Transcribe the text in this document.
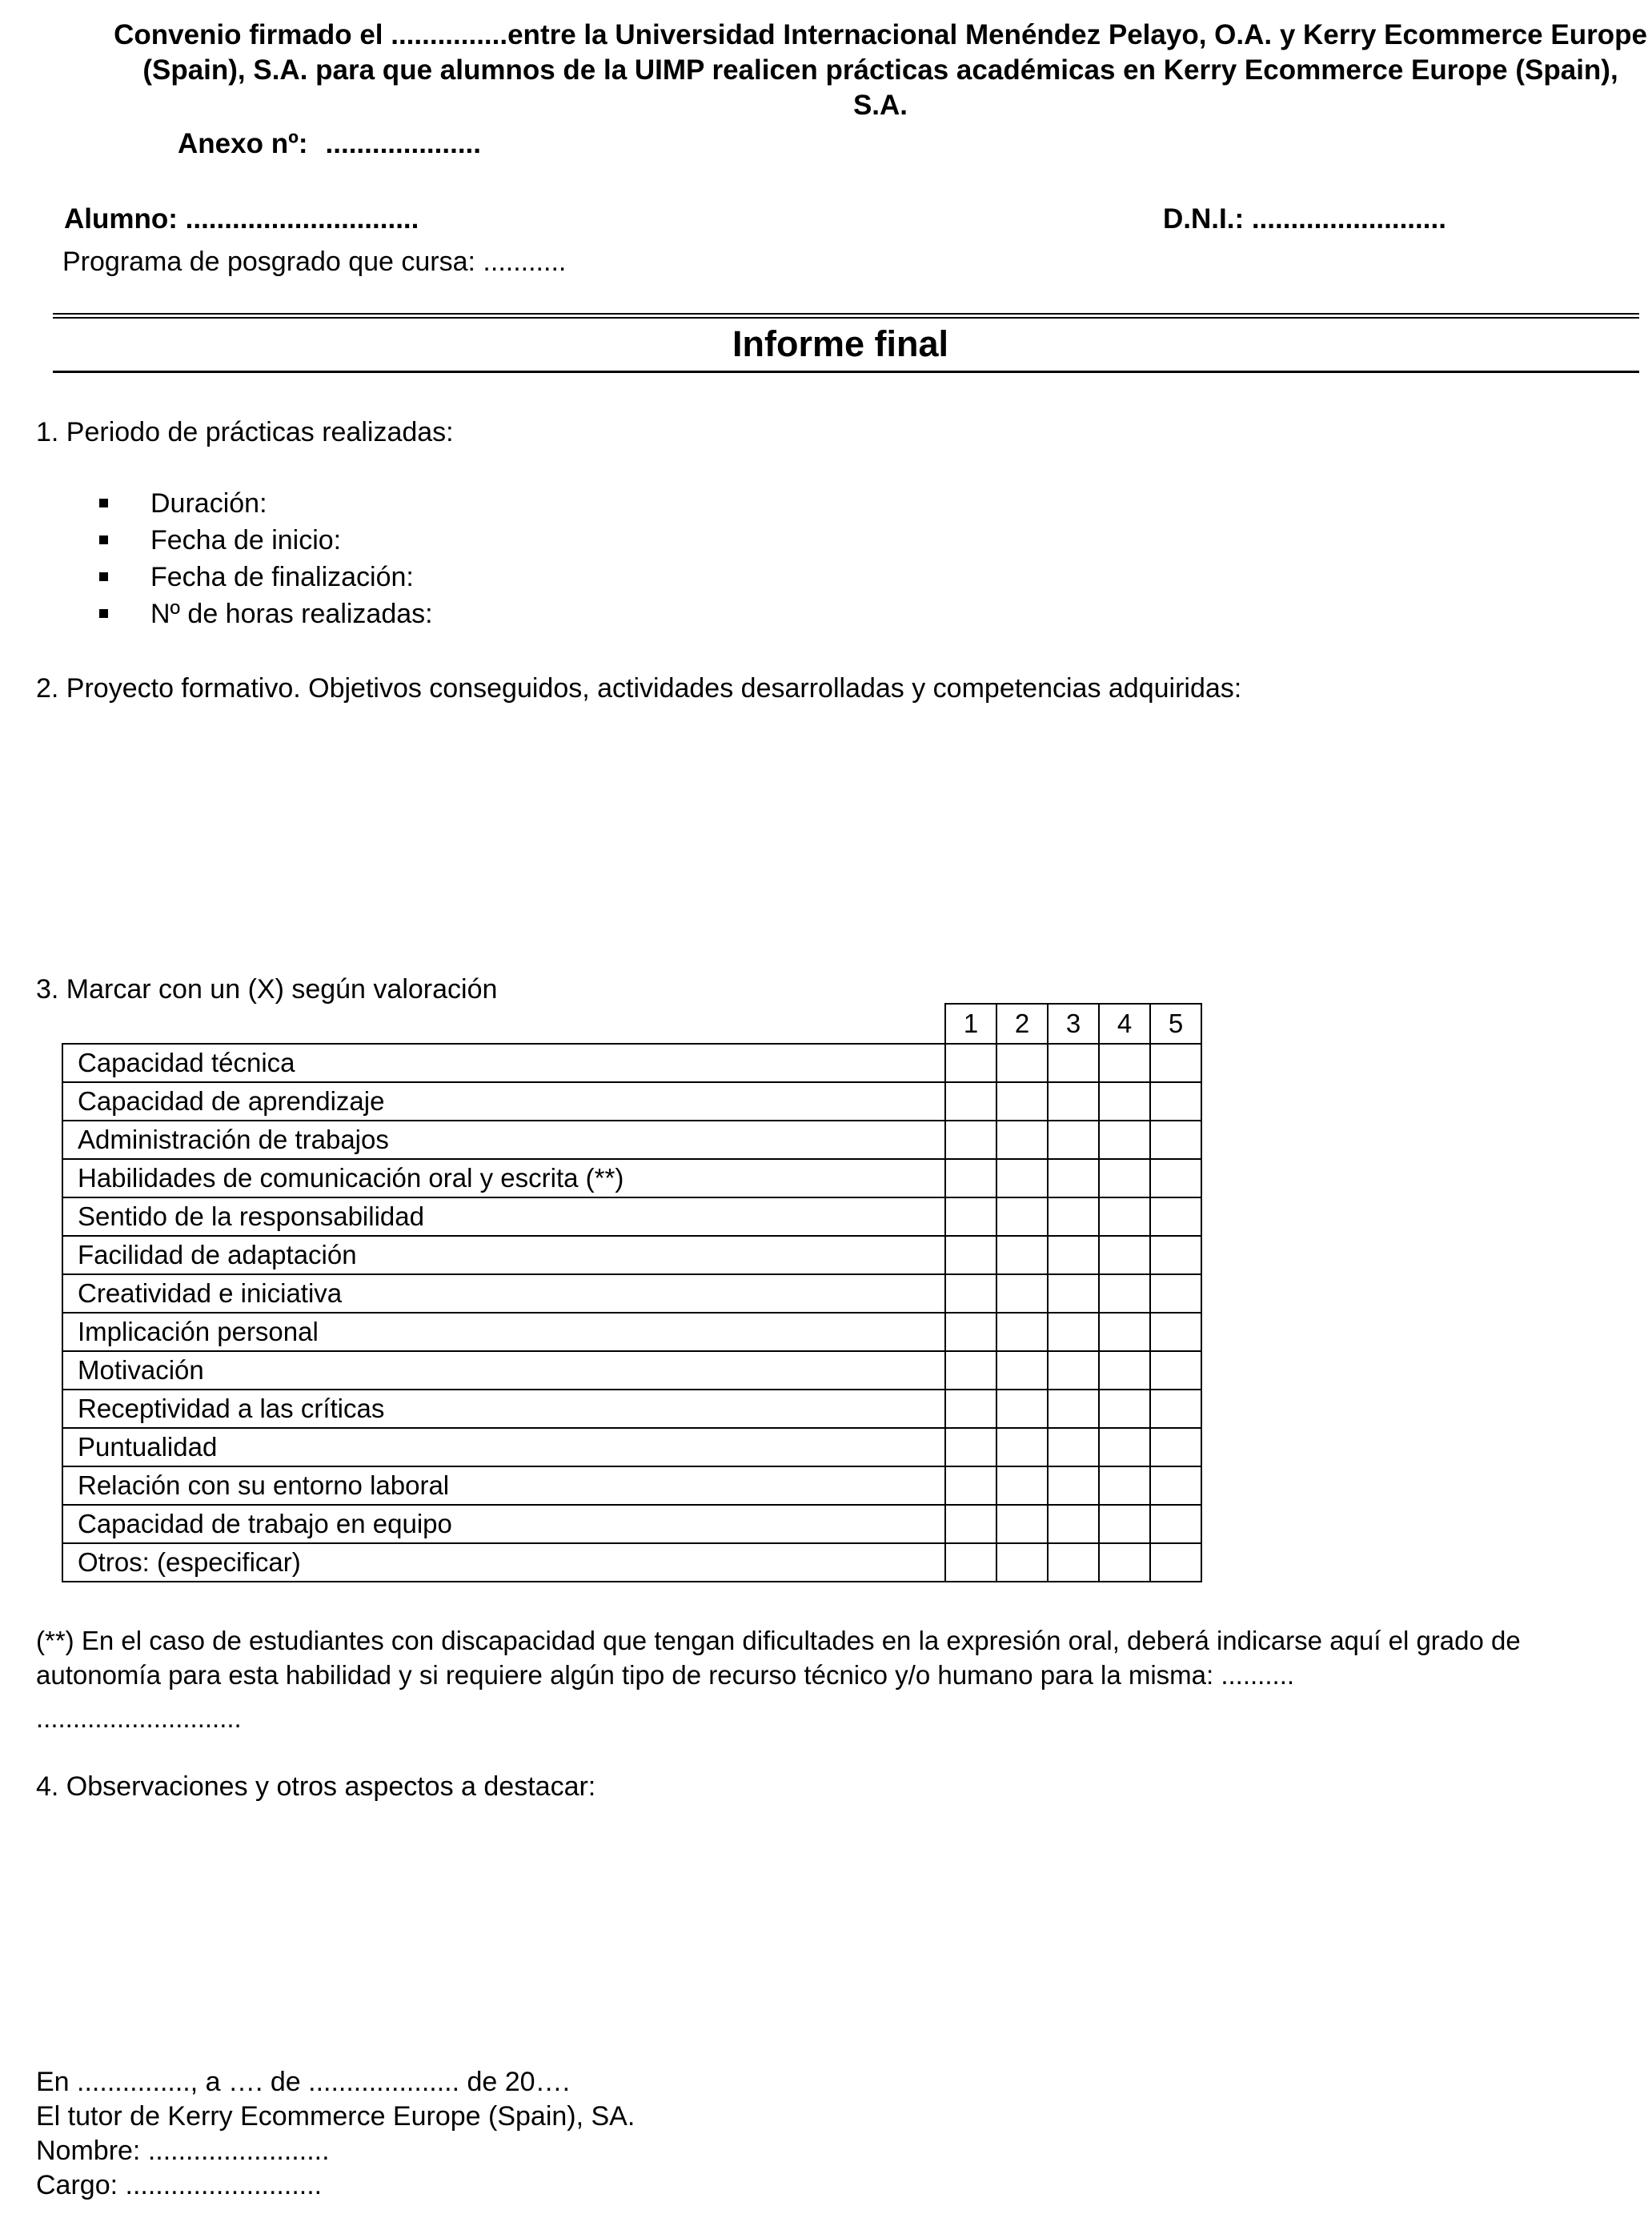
Convenio firmado el ...............entre la Universidad Internacional Menéndez Pelayo, O.A. y Kerry Ecommerce Europe
(Spain), S.A. para que alumnos de la UIMP realicen prácticas académicas en Kerry Ecommerce Europe (Spain), S.A.
Anexo nº: ....................
Alumno: ..............................	D.N.I.: .........................
Programa de posgrado que cursa: ...........
Informe final
1. Periodo de prácticas realizadas:
Duración:
Fecha de inicio:
Fecha de finalización:
Nº de horas realizadas:
2. Proyecto formativo. Objetivos conseguidos, actividades desarrolladas y competencias adquiridas:
3. Marcar con un (X) según valoración
	1	2	3	4	5
Capacidad técnica					
Capacidad de aprendizaje					
Administración de trabajos					
Habilidades de comunicación oral y escrita (**)					
Sentido de la responsabilidad					
Facilidad de adaptación					
Creatividad e iniciativa					
Implicación personal					
Motivación					
Receptividad a las críticas					
Puntualidad					
Relación con su entorno laboral					
Capacidad de trabajo en equipo					
Otros: (especificar)					
(**) En el caso de estudiantes con discapacidad que tengan dificultades en la expresión oral, deberá indicarse aquí el grado de autonomía para esta habilidad y si requiere algún tipo de recurso técnico y/o humano para la misma: ..........
............................
4. Observaciones y otros aspectos a destacar:
En ..............., a …. de .................... de 20….
El tutor de Kerry Ecommerce Europe (Spain), SA.
Nombre: ........................
Cargo: ..........................
